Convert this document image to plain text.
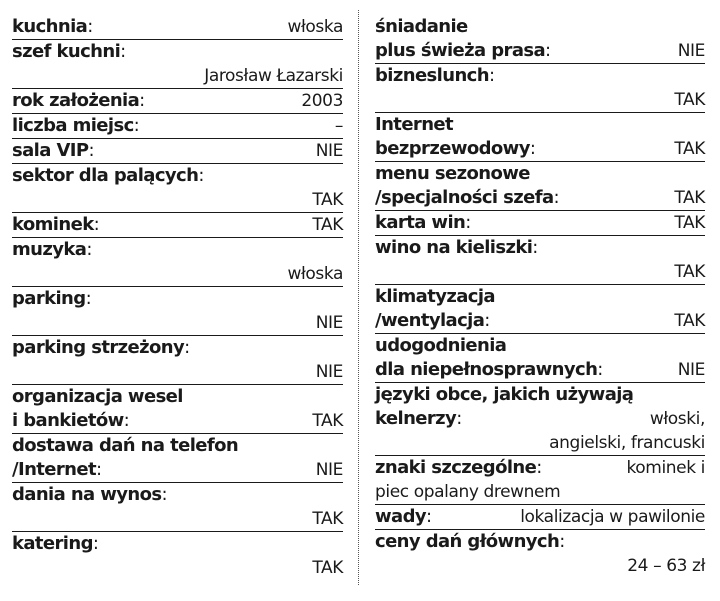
kuchnia :	włoska
szef kuchni :
Jarosław Łazarski
rok założenia :	2003
liczba miejsc :	–
sala VIP :	NIE
sektor dla palących :
TAK
kominek :	TAK
muzyka :
włoska
parking :
NIE
parking strzeżony :
NIE
organizacja wesel
i bankietów :	TAK
dostawa dań na telefon
/Internet :	NIE
dania na wynos :
TAK
katering :
TAK
śniadanie
plus świeża prasa :	NIE
bizneslunch :
TAK
Internet
bezprzewodowy :	TAK
menu sezonowe
/specjalności szefa :	TAK
karta win :	TAK
wino na kieliszki :
TAK
klimatyzacja
/wentylacja :	TAK
udogodnienia
dla niepełnosprawnych :	NIE
języki obce, jakich używają
kelnerzy :	włoski,
angielski, francuski
znaki szczególne :	kominek i
piec opalany drewnem
wady :	lokalizacja w pawilonie
ceny dań głównych :
24 – 63 zł
